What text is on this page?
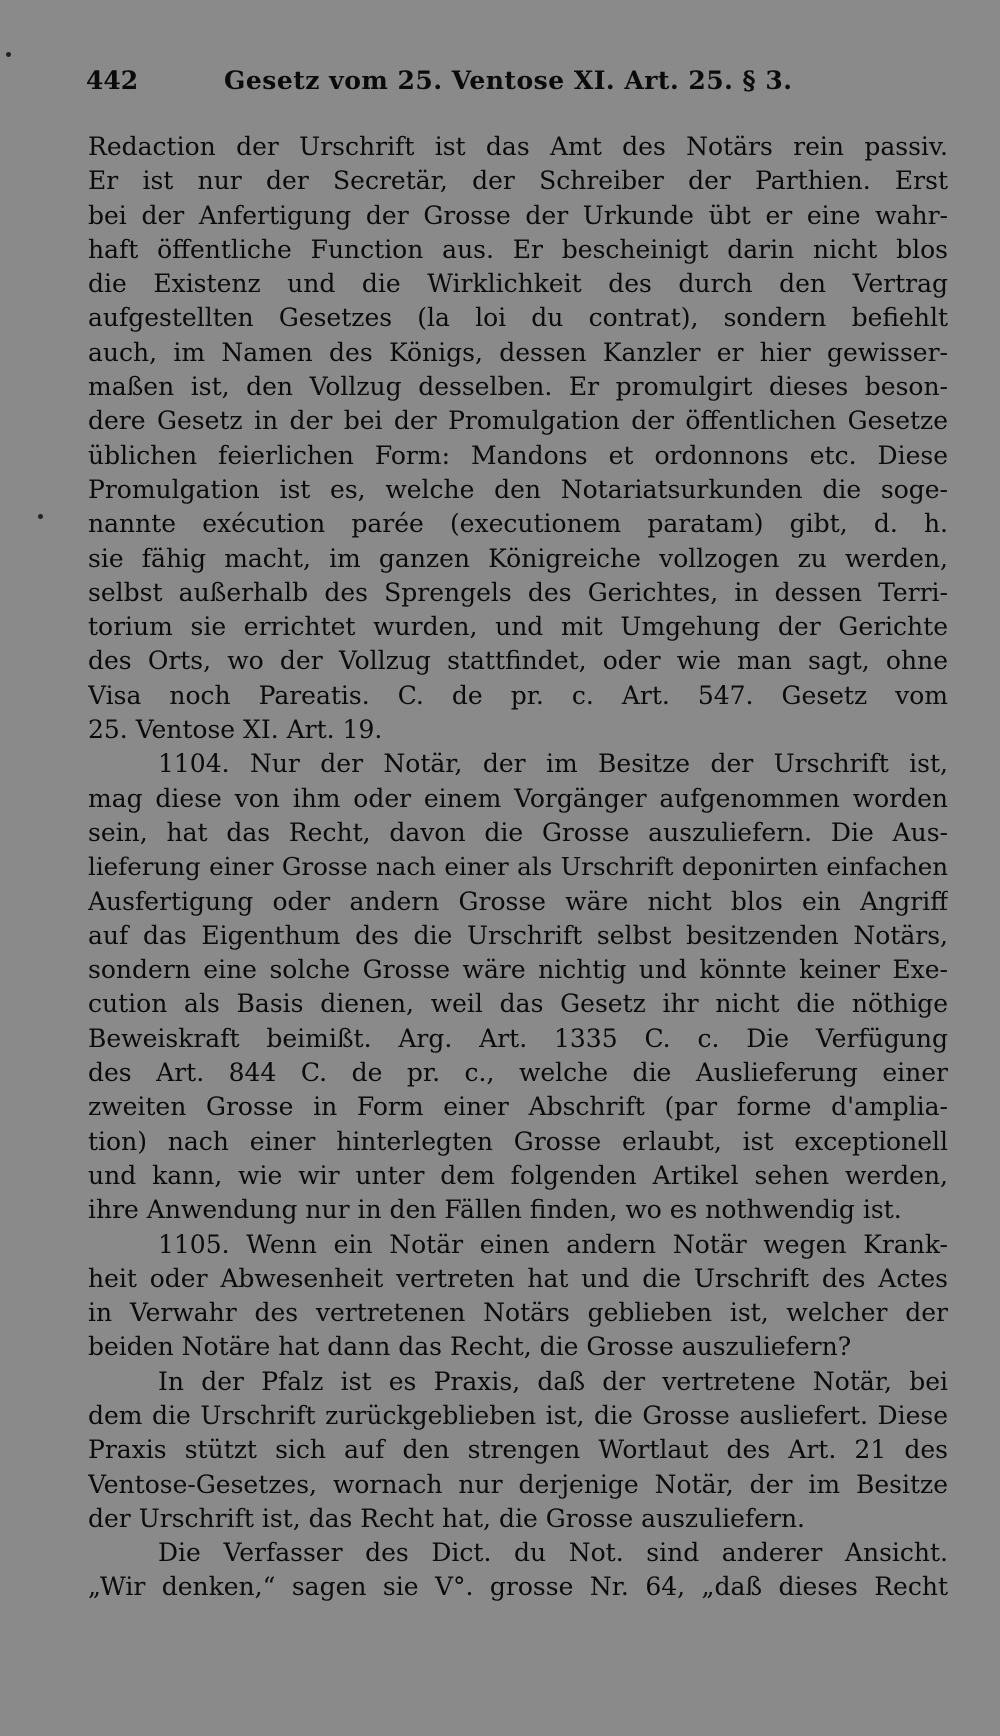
442	Gesetz vom 25. Ventose XI. Art. 25. § 3.
Redaction der Urschrift ist das Amt des Notärs rein passiv.
Er ist nur der Secretär, der Schreiber der Parthien. Erst
bei der Anfertigung der Grosse der Urkunde übt er eine wahr-
haft öffentliche Function aus. Er bescheinigt darin nicht blos
die Existenz und die Wirklichkeit des durch den Vertrag
aufgestellten Gesetzes (la loi du contrat), sondern befiehlt
auch, im Namen des Königs, dessen Kanzler er hier gewisser-
maßen ist, den Vollzug desselben. Er promulgirt dieses beson-
dere Gesetz in der bei der Promulgation der öffentlichen Gesetze
üblichen feierlichen Form: Mandons et ordonnons etc. Diese
Promulgation ist es, welche den Notariatsurkunden die soge-
nannte exécution parée (executionem paratam) gibt, d. h.
sie fähig macht, im ganzen Königreiche vollzogen zu werden,
selbst außerhalb des Sprengels des Gerichtes, in dessen Terri-
torium sie errichtet wurden, und mit Umgehung der Gerichte
des Orts, wo der Vollzug stattfindet, oder wie man sagt, ohne
Visa noch Pareatis. C. de pr. c. Art. 547. Gesetz vom
25. Ventose XI. Art. 19.
1104. Nur der Notär, der im Besitze der Urschrift ist,
mag diese von ihm oder einem Vorgänger aufgenommen worden
sein, hat das Recht, davon die Grosse auszuliefern. Die Aus-
lieferung einer Grosse nach einer als Urschrift deponirten einfachen
Ausfertigung oder andern Grosse wäre nicht blos ein Angriff
auf das Eigenthum des die Urschrift selbst besitzenden Notärs,
sondern eine solche Grosse wäre nichtig und könnte keiner Exe-
cution als Basis dienen, weil das Gesetz ihr nicht die nöthige
Beweiskraft beimißt. Arg. Art. 1335 C. c. Die Verfügung
des Art. 844 C. de pr. c., welche die Auslieferung einer
zweiten Grosse in Form einer Abschrift (par forme d'amplia-
tion) nach einer hinterlegten Grosse erlaubt, ist exceptionell
und kann, wie wir unter dem folgenden Artikel sehen werden,
ihre Anwendung nur in den Fällen finden, wo es nothwendig ist.
1105. Wenn ein Notär einen andern Notär wegen Krank-
heit oder Abwesenheit vertreten hat und die Urschrift des Actes
in Verwahr des vertretenen Notärs geblieben ist, welcher der
beiden Notäre hat dann das Recht, die Grosse auszuliefern?
In der Pfalz ist es Praxis, daß der vertretene Notär, bei
dem die Urschrift zurückgeblieben ist, die Grosse ausliefert. Diese
Praxis stützt sich auf den strengen Wortlaut des Art. 21 des
Ventose-Gesetzes, wornach nur derjenige Notär, der im Besitze
der Urschrift ist, das Recht hat, die Grosse auszuliefern.
Die Verfasser des Dict. du Not. sind anderer Ansicht.
„Wir denken,“ sagen sie V°. grosse Nr. 64, „daß dieses Recht
